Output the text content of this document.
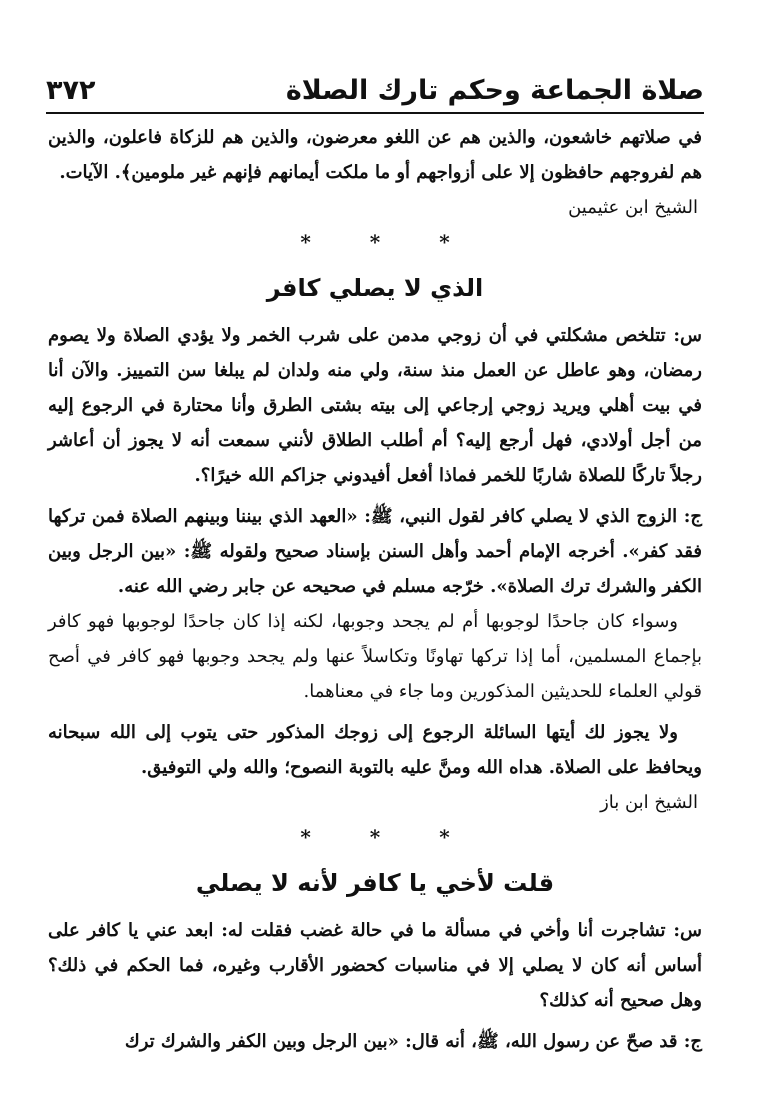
٣٧٢	صلاة الجماعة وحكم تارك الصلاة

في صلاتهم خاشعون، والذين هم عن اللغو معرضون، والذين هم للزكاة فاعلون، والذين هم لفروجهم حافظون إلا على أزواجهم أو ما ملكت أيمانهم فإنهم غير ملومين﴾. الآيات.

الشيخ ابن عثيمين

* * *
الذي لا يصلي كافر

س: تتلخص مشكلتي في أن زوجي مدمن على شرب الخمر ولا يؤدي الصلاة ولا يصوم رمضان، وهو عاطل عن العمل منذ سنة، ولي منه ولدان لم يبلغا سن التمييز. والآن أنا في بيت أهلي ويريد زوجي إرجاعي إلى بيته بشتى الطرق وأنا محتارة في الرجوع إليه من أجل أولادي، فهل أرجع إليه؟ أم أطلب الطلاق لأنني سمعت أنه لا يجوز أن أعاشر رجلاً تاركًا للصلاة شاربًا للخمر فماذا أفعل أفيدوني جزاكم الله خيرًا؟.

ج: الزوج الذي لا يصلي كافر لقول النبي، ﷺ: «العهد الذي بيننا وبينهم الصلاة فمن تركها فقد كفر». أخرجه الإمام أحمد وأهل السنن بإسناد صحيح ولقوله ﷺ: «بين الرجل وبين الكفر والشرك ترك الصلاة». خرّجه مسلم في صحيحه عن جابر رضي الله عنه.

وسواء كان جاحدًا لوجوبها أم لم يجحد وجوبها، لكنه إذا كان جاحدًا لوجوبها فهو كافر بإجماع المسلمين، أما إذا تركها تهاونًا وتكاسلاً عنها ولم يجحد وجوبها فهو كافر في أصح قولي العلماء للحديثين المذكورين وما جاء في معناهما.

ولا يجوز لك أيتها السائلة الرجوع إلى زوجك المذكور حتى يتوب إلى الله سبحانه ويحافظ على الصلاة. هداه الله ومنَّ عليه بالتوبة النصوح؛ والله ولي التوفيق.

الشيخ ابن باز

* * *
قلت لأخي يا كافر لأنه لا يصلي

س: تشاجرت أنا وأخي في مسألة ما في حالة غضب فقلت له: ابعد عني يا كافر على أساس أنه كان لا يصلي إلا في مناسبات كحضور الأقارب وغيره، فما الحكم في ذلك؟ وهل صحيح أنه كذلك؟

ج: قد صحّ عن رسول الله، ﷺ، أنه قال: «بين الرجل وبين الكفر والشرك ترك
